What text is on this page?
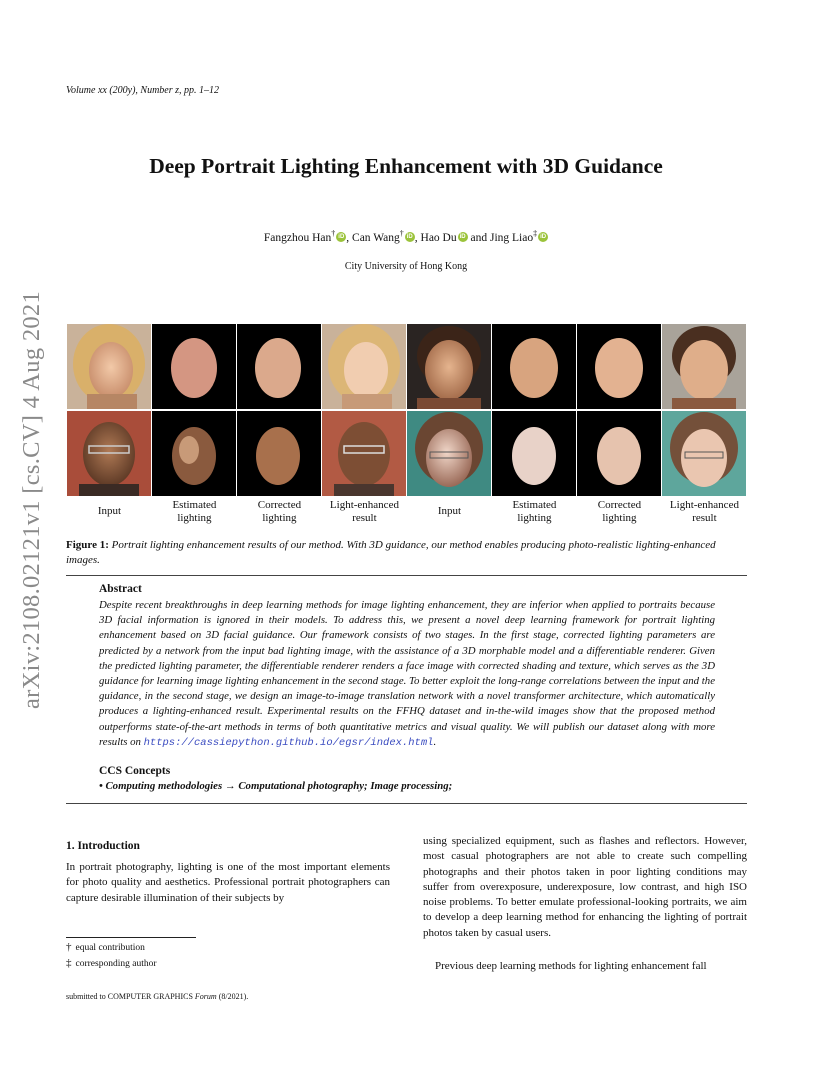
Volume xx (200y), Number z, pp. 1–12
Deep Portrait Lighting Enhancement with 3D Guidance
Fangzhou Han† iD , Can Wang† iD , Hao Du iD and Jing Liao‡ iD
City University of Hong Kong
arXiv:2108.02121v1 [cs.CV] 4 Aug 2021	Input
Estimated lighting
Corrected lighting
Light-enhanced result
Input
Estimated lighting
Corrected lighting
Light-enhanced result
Figure 1: Portrait lighting enhancement results of our method. With 3D guidance, our method enables producing photo-realistic lighting-enhanced images.
Abstract
Despite recent breakthroughs in deep learning methods for image lighting enhancement, they are inferior when applied to portraits because 3D facial information is ignored in their models. To address this, we present a novel deep learning framework for portrait lighting enhancement based on 3D facial guidance. Our framework consists of two stages. In the first stage, corrected lighting parameters are predicted by a network from the input bad lighting image, with the assistance of a 3D morphable model and a differentiable renderer. Given the predicted lighting parameter, the differentiable renderer renders a face image with corrected shading and texture, which serves as the 3D guidance for learning image lighting enhancement in the second stage. To better exploit the long-range correlations between the input and the guidance, in the second stage, we design an image-to-image translation network with a novel transformer architecture, which automatically produces a lighting-enhanced result. Experimental results on the FFHQ dataset and in-the-wild images show that the proposed method outperforms state-of-the-art methods in terms of both quantitative metrics and visual quality. We will publish our dataset along with more results on https://cassiepython.github.io/egsr/index.html.
CCS Concepts
• Computing methodologies → Computational photography; Image processing;
1. Introduction
In portrait photography, lighting is one of the most important elements for photo quality and aesthetics. Professional portrait photographers can capture desirable illumination of their subjects by
using specialized equipment, such as flashes and reflectors. However, most casual photographers are not able to create such compelling photographs and their photos taken in poor lighting conditions may suffer from overexposure, underexposure, low contrast, and high ISO noise problems. To better emulate professional-looking portraits, we aim to develop a deep learning method for enhancing the lighting of portrait photos taken by casual users.
Previous deep learning methods for lighting enhancement fall
† equal contribution
‡ corresponding author
submitted to COMPUTER GRAPHICS Forum (8/2021).
